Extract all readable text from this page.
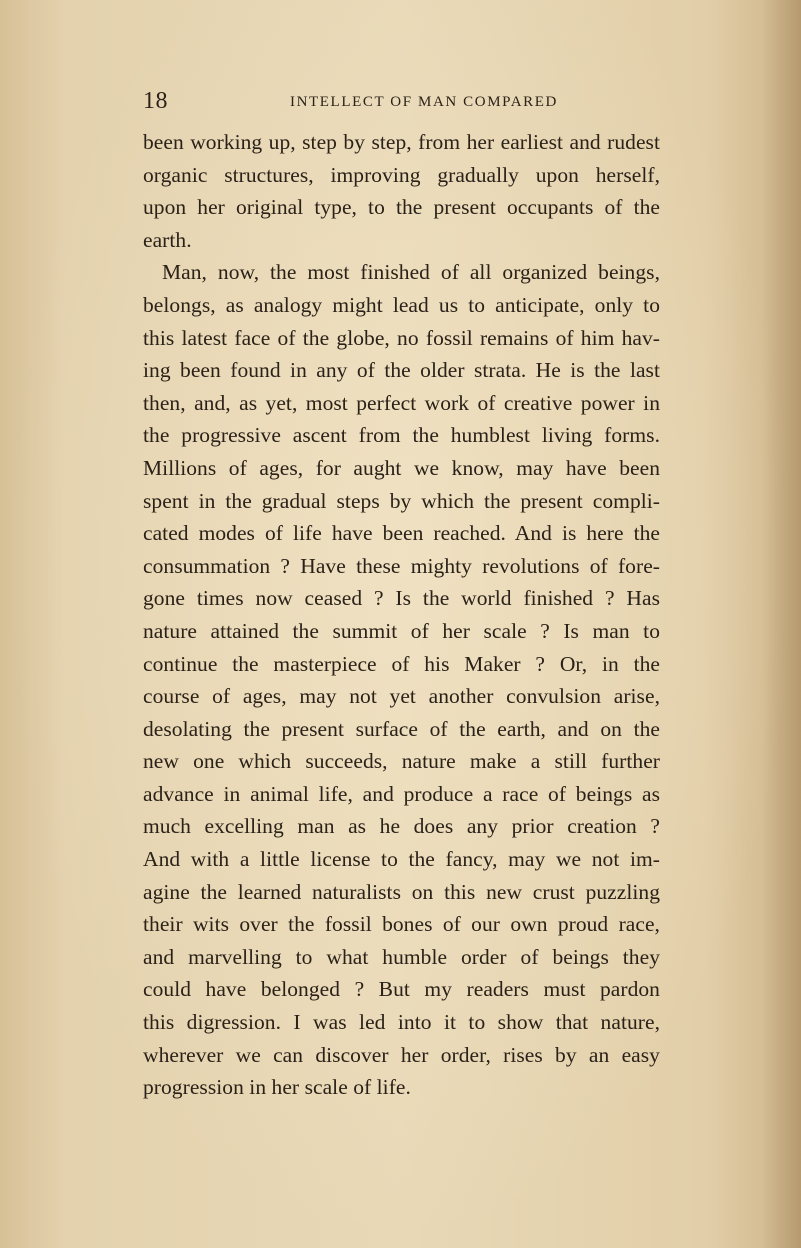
18	INTELLECT OF MAN COMPARED
been working up, step by step, from her earliest and rudest
organic structures, improving gradually upon herself,
upon her original type, to the present occupants of the
earth.
Man, now, the most finished of all organized beings,
belongs, as analogy might lead us to anticipate, only to
this latest face of the globe, no fossil remains of him hav-
ing been found in any of the older strata. He is the last
then, and, as yet, most perfect work of creative power in
the progressive ascent from the humblest living forms.
Millions of ages, for aught we know, may have been
spent in the gradual steps by which the present compli-
cated modes of life have been reached. And is here the
consummation ? Have these mighty revolutions of fore-
gone times now ceased ? Is the world finished ? Has
nature attained the summit of her scale ? Is man to
continue the masterpiece of his Maker ? Or, in the
course of ages, may not yet another convulsion arise,
desolating the present surface of the earth, and on the
new one which succeeds, nature make a still further
advance in animal life, and produce a race of beings as
much excelling man as he does any prior creation ?
And with a little license to the fancy, may we not im-
agine the learned naturalists on this new crust puzzling
their wits over the fossil bones of our own proud race,
and marvelling to what humble order of beings they
could have belonged ? But my readers must pardon
this digression. I was led into it to show that nature,
wherever we can discover her order, rises by an easy
progression in her scale of life.
